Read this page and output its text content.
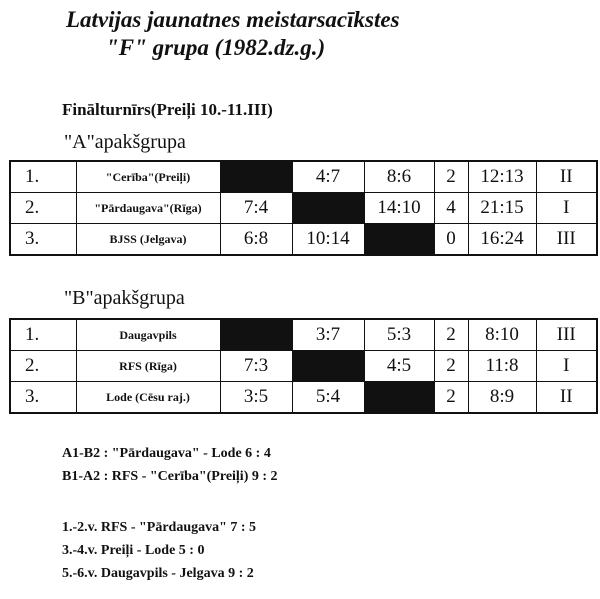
Latvijas jaunatnes meistarsacīkstes
"F" grupa (1982.dz.g.)

Finālturnīrs(Preiļi 10.-11.III)

"A"apakšgrupa

1.	"Cerība"(Preiļi)		4:7	8:6	2	12:13	II
2.	"Pārdaugava"(Rīga)	7:4		14:10	4	21:15	I
3.	BJSS (Jelgava)	6:8	10:14		0	16:24	III

"B"apakšgrupa

1.	Daugavpils		3:7	5:3	2	8:10	III
2.	RFS (Rīga)	7:3		4:5	2	11:8	I
3.	Lode (Cēsu raj.)	3:5	5:4		2	8:9	II
A1-B2 : "Pārdaugava" - Lode 6 : 4
B1-A2 : RFS - "Cerība"(Preiļi) 9 : 2
1.-2.v. RFS - "Pārdaugava" 7 : 5
3.-4.v. Preiļi - Lode 5 : 0
5.-6.v. Daugavpils - Jelgava 9 : 2
